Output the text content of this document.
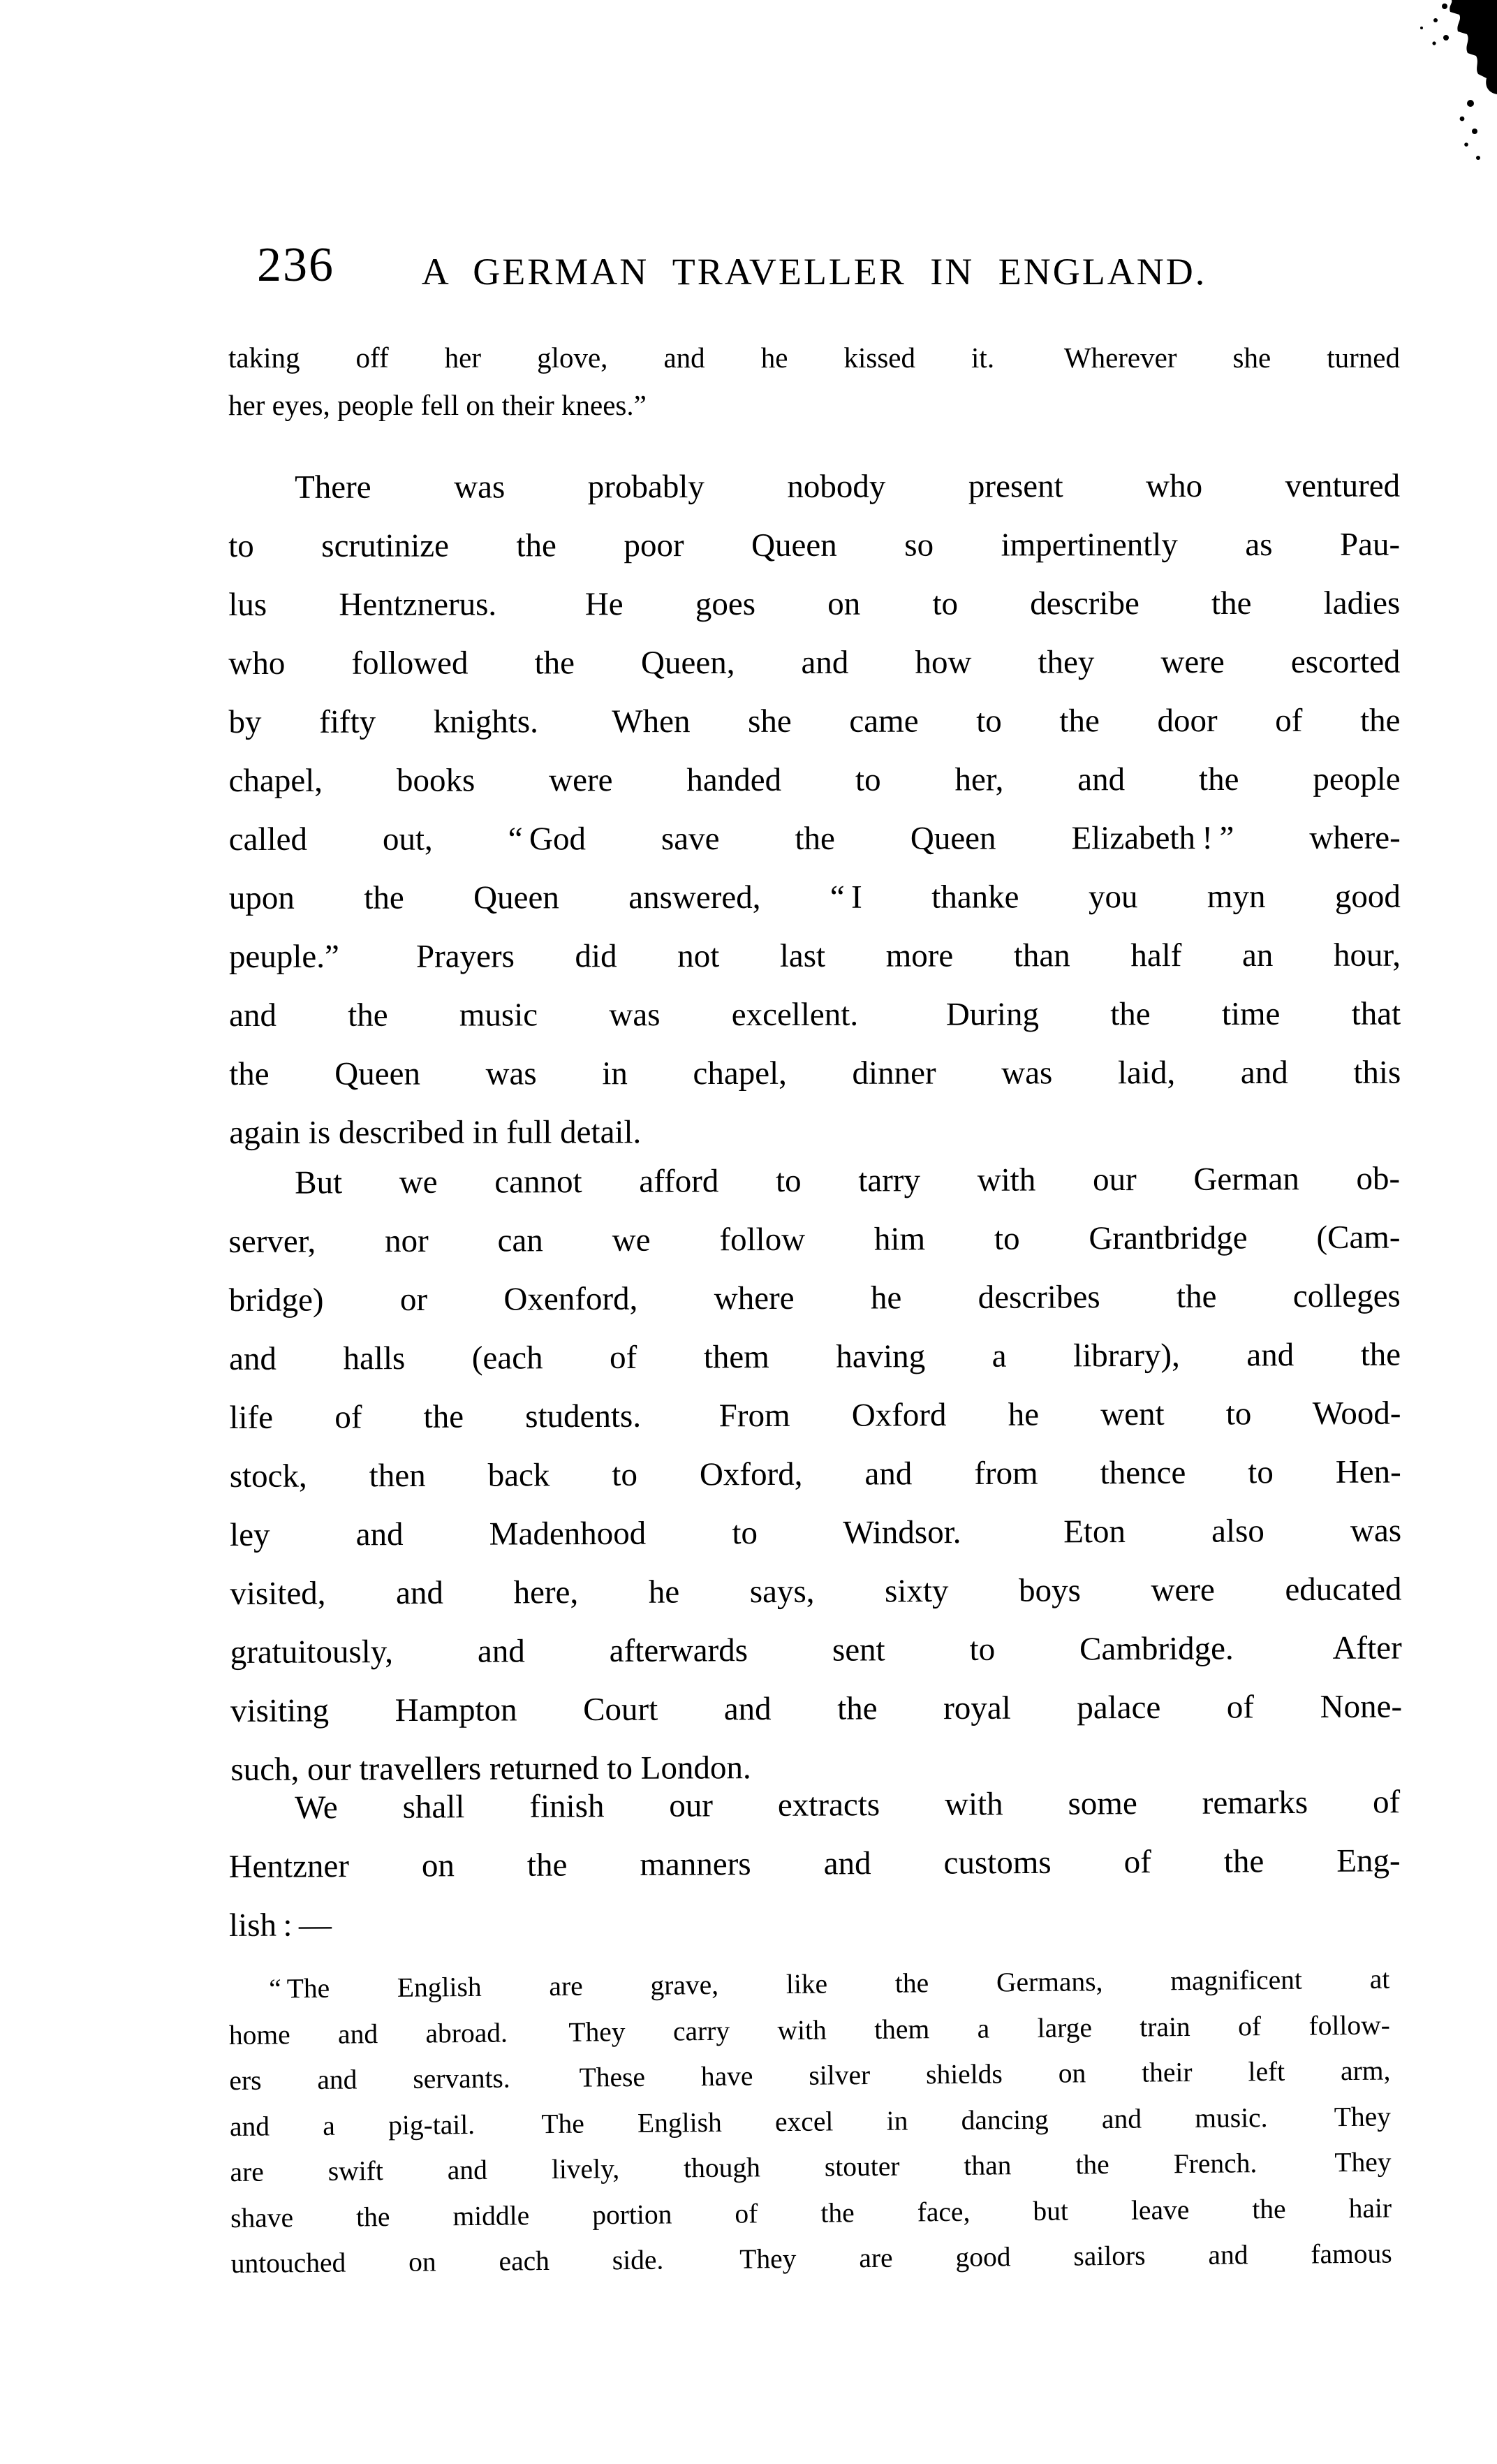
236	A GERMAN TRAVELLER IN ENGLAND.
taking off her glove, and he kissed it.  Wherever she turned
her eyes, people fell on their knees.”
There was probably nobody present who ventured
to scrutinize the poor Queen so impertinently as Pau-
lus Hentznerus.  He goes on to describe the ladies
who followed the Queen, and how they were escorted
by fifty knights.  When she came to the door of the
chapel, books were handed to her, and the people
called out, “ God save the Queen Elizabeth ! ” where-
upon the Queen answered, “ I thanke you myn good
peuple.”  Prayers did not last more than half an hour,
and the music was excellent.  During the time that
the Queen was in chapel, dinner was laid, and this
again is described in full detail.
But we cannot afford to tarry with our German ob-
server, nor can we follow him to Grantbridge (Cam-
bridge) or Oxenford, where he describes the colleges
and halls (each of them having a library), and the
life of the students.  From Oxford he went to Wood-
stock, then back to Oxford, and from thence to Hen-
ley and Madenhood to Windsor.  Eton also was
visited, and here, he says, sixty boys were educated
gratuitously, and afterwards sent to Cambridge.  After
visiting Hampton Court and the royal palace of None-
such, our travellers returned to London.
We shall finish our extracts with some remarks of
Hentzner on the manners and customs of the Eng-
lish : —
“ The English are grave, like the Germans, magnificent at
home and abroad.  They carry with them a large train of follow-
ers and servants.  These have silver shields on their left arm,
and a pig-tail.  The English excel in dancing and music.  They
are swift and lively, though stouter than the French.  They
shave the middle portion of the face, but leave the hair
untouched on each side.  They are good sailors and famous
